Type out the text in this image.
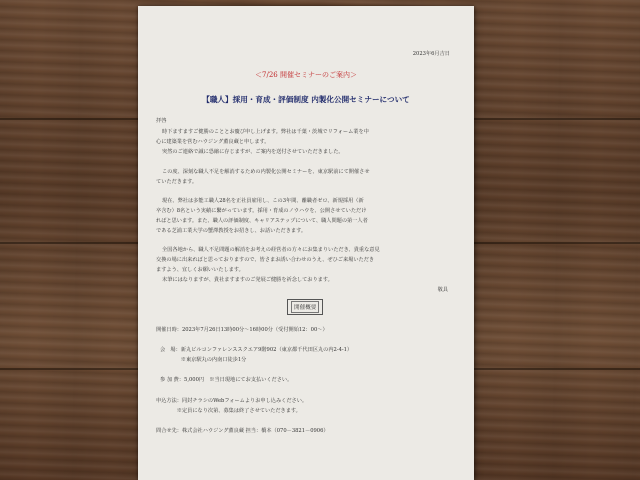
2023年6月吉日
＜7/26 開催セミナーのご案内＞
【職人】採用・育成・評価制度 内製化公開セミナーについて
拝啓
時下ますますご健勝のこととお慶び申し上げます。弊社は千葉・茨城でリフォーム業を中
心に建築業を営むハウジング薫良蔵と申します。
突然のご連絡で誠に恐縮に存じますが、ご案内を送付させていただきました。
この度、深刻な職人不足を解消するための内製化公開セミナーを、東京駅前にて開催させ
ていただきます。
現在、弊社は多能工職人28名を正社員雇用し、この3年間、離職者ゼロ、新規採用（新
卒含む）8名という実績に繋がっています。採用・育成のノウハウを、公開させていただけ
ればと思います。また、職人の評価制度、キャリアステップについて、職人問題の第一人者
である芝浦工業大学の蟹澤教授をお招きし、お話いただきます。
全国各地から、職人不足問題の解消をお考えの経営者の方々にお集まりいただき、貴重な意見
交換の場に出来ればと思っておりますので、皆さまお誘い合わせのうえ、ぜひご来場いただき
ますよう、宜しくお願いいたします。
末筆にはなりますが、貴社ますますのご発展ご健勝を祈念しております。
敬具
開催概要
開催日時：2023年7月26日13時00分～16時00分（受付開始12：00～）
会　場：新丸ビルコンファレンススクエア9階902（東京都千代田区丸の内2-4-1）
　　　　※東京駅丸の内南口徒歩1分
参 加 費：5,000円　※当日現地にてお支払いください。
申込方法：同封チラシのWebフォームよりお申し込みください。
　　　　※定員になり次第、募集は終了させていただきます。
問合せ先：株式会社ハウジング薫良蔵 担当：橋本（070－3821－0906）
